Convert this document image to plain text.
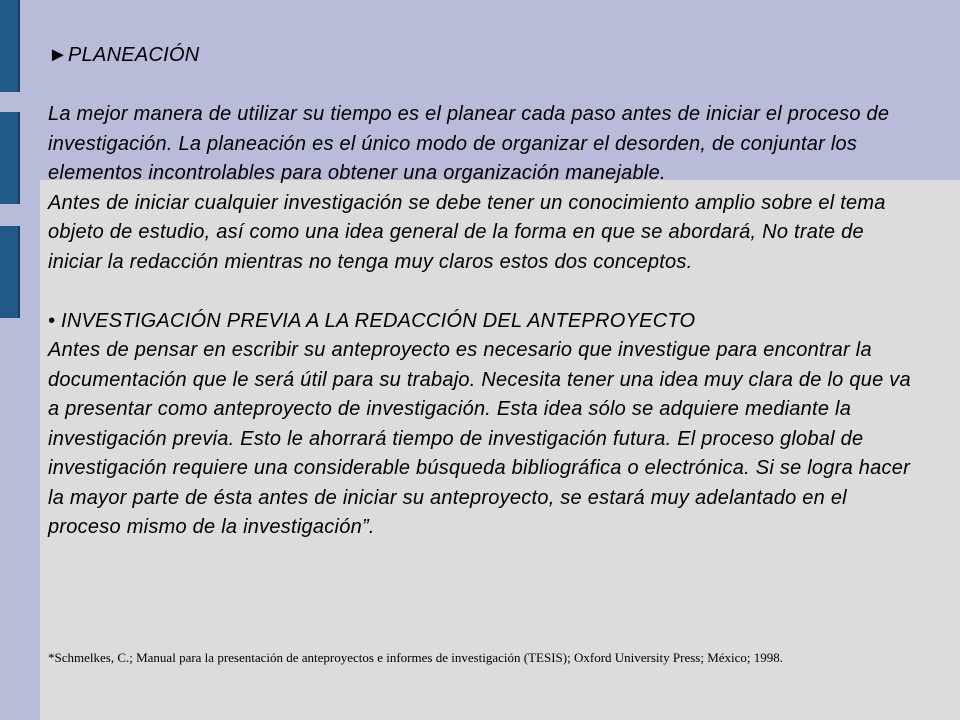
►PLANEACIÓN

La mejor manera de utilizar su tiempo es el planear cada paso antes de iniciar el proceso de investigación. La planeación es el único modo de organizar el desorden, de conjuntar los elementos incontrolables para obtener una organización manejable.

Antes de iniciar cualquier investigación se debe tener un conocimiento amplio sobre el tema objeto de estudio, así como una idea general de la forma en que se abordará, No trate de iniciar la redacción mientras no tenga muy claros estos dos conceptos.

• INVESTIGACIÓN PREVIA A LA REDACCIÓN DEL ANTEPROYECTO

Antes de pensar en escribir su anteproyecto es necesario que investigue para encontrar la documentación que le será útil para su trabajo. Necesita tener una idea muy clara de lo que va a presentar como anteproyecto de investigación. Esta idea sólo se adquiere mediante la investigación previa. Esto le ahorrará tiempo de investigación futura. El proceso global de investigación requiere una considerable búsqueda bibliográfica o electrónica. Si se logra hacer la mayor parte de ésta antes de iniciar su anteproyecto, se estará muy adelantado en el proceso mismo de la investigación”.

*Schmelkes, C.; Manual para la presentación de anteproyectos e informes de investigación (TESIS); Oxford University Press; México; 1998.
